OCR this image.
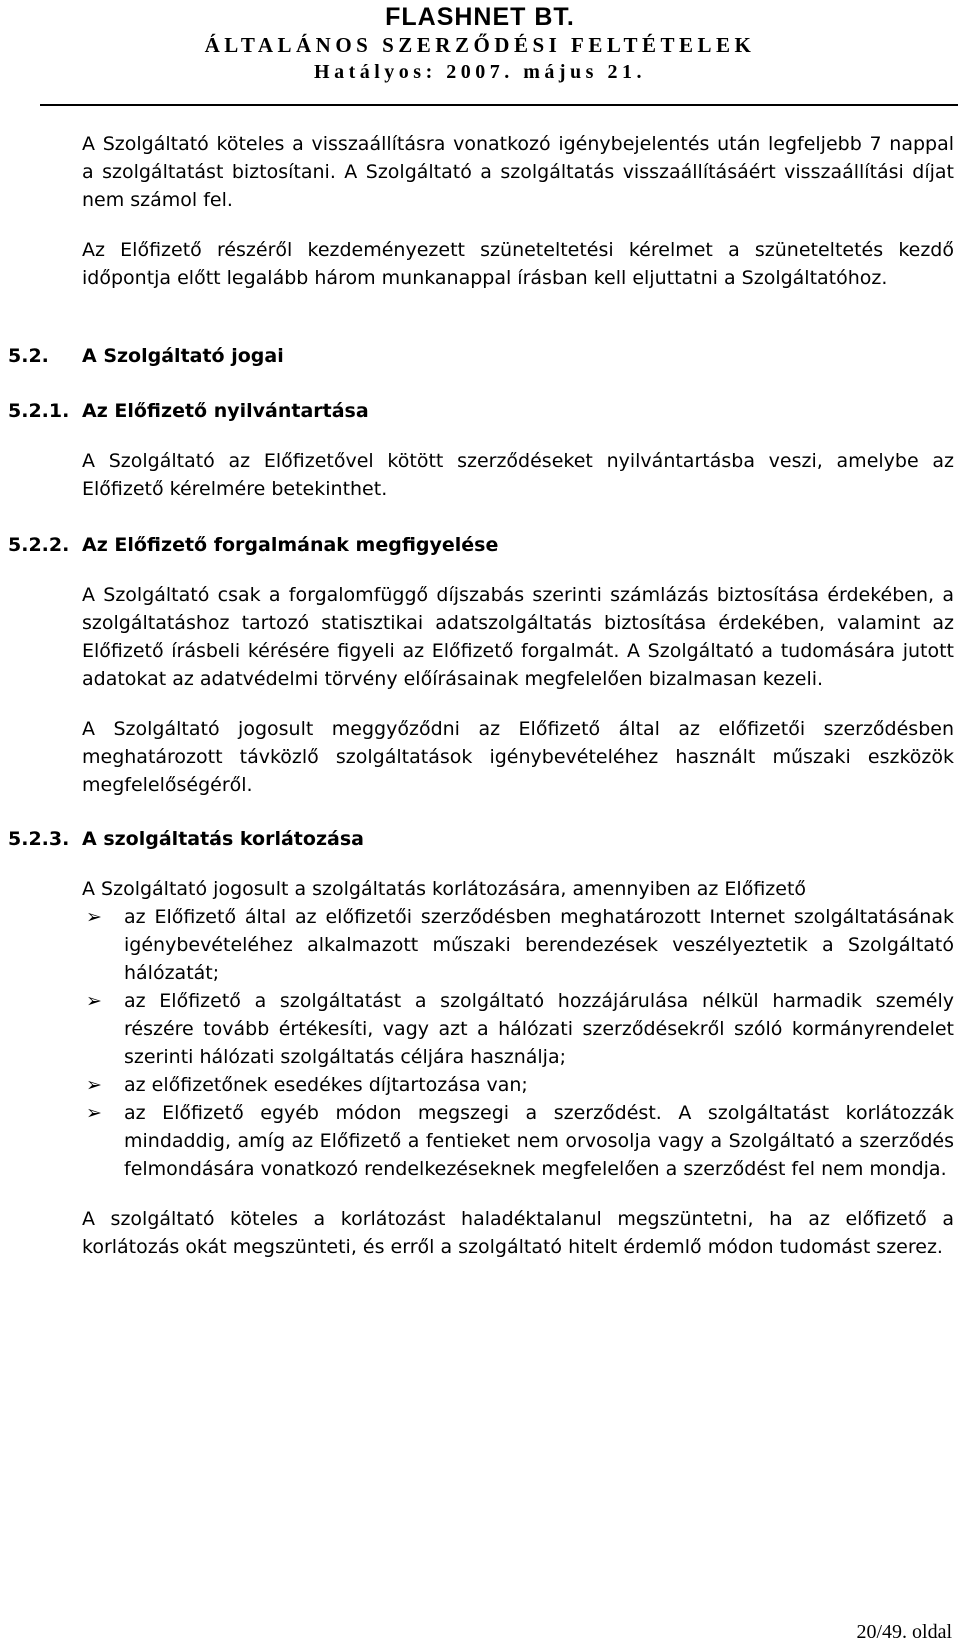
FLASHNET BT.
ÁLTALÁNOS SZERZŐDÉSI FELTÉTELEK
Hatályos: 2007. május 21.

A Szolgáltató köteles a visszaállításra vonatkozó igénybejelentés után legfeljebb 7 nappal a szolgáltatást biztosítani. A Szolgáltató a szolgáltatás visszaállításáért visszaállítási díjat nem számol fel.

Az Előfizető részéről kezdeményezett szüneteltetési kérelmet a szüneteltetés kezdő időpontja előtt legalább három munkanappal írásban kell eljuttatni a Szolgáltatóhoz.

5.2. A Szolgáltató jogai
5.2.1. Az Előfizető nyilvántartása

A Szolgáltató az Előfizetővel kötött szerződéseket nyilvántartásba veszi, amelybe az Előfizető kérelmére betekinthet.

5.2.2. Az Előfizető forgalmának megfigyelése

A Szolgáltató csak a forgalomfüggő díjszabás szerinti számlázás biztosítása érdekében, a szolgáltatáshoz tartozó statisztikai adatszolgáltatás biztosítása érdekében, valamint az Előfizető írásbeli kérésére figyeli az Előfizető forgalmát. A Szolgáltató a tudomására jutott adatokat az adatvédelmi törvény előírásainak megfelelően bizalmasan kezeli.

A Szolgáltató jogosult meggyőződni az Előfizető által az előfizetői szerződésben meghatározott távközlő szolgáltatások igénybevételéhez használt műszaki eszközök megfelelőségéről.

5.2.3. A szolgáltatás korlátozása

A Szolgáltató jogosult a szolgáltatás korlátozására, amennyiben az Előfizető

➢ az Előfizető által az előfizetői szerződésben meghatározott Internet szolgáltatásának igénybevételéhez alkalmazott műszaki berendezések veszélyeztetik a Szolgáltató hálózatát;
➢ az Előfizető a szolgáltatást a szolgáltató hozzájárulása nélkül harmadik személy részére tovább értékesíti, vagy azt a hálózati szerződésekről szóló kormányrendelet szerinti hálózati szolgáltatás céljára használja;
➢ az előfizetőnek esedékes díjtartozása van;
➢ az Előfizető egyéb módon megszegi a szerződést. A szolgáltatást korlátozzák mindaddig, amíg az Előfizető a fentieket nem orvosolja vagy a Szolgáltató a szerződés felmondására vonatkozó rendelkezéseknek megfelelően a szerződést fel nem mondja.

A szolgáltató köteles a korlátozást haladéktalanul megszüntetni, ha az előfizető a korlátozás okát megszünteti, és erről a szolgáltató hitelt érdemlő módon tudomást szerez.

20/49. oldal
